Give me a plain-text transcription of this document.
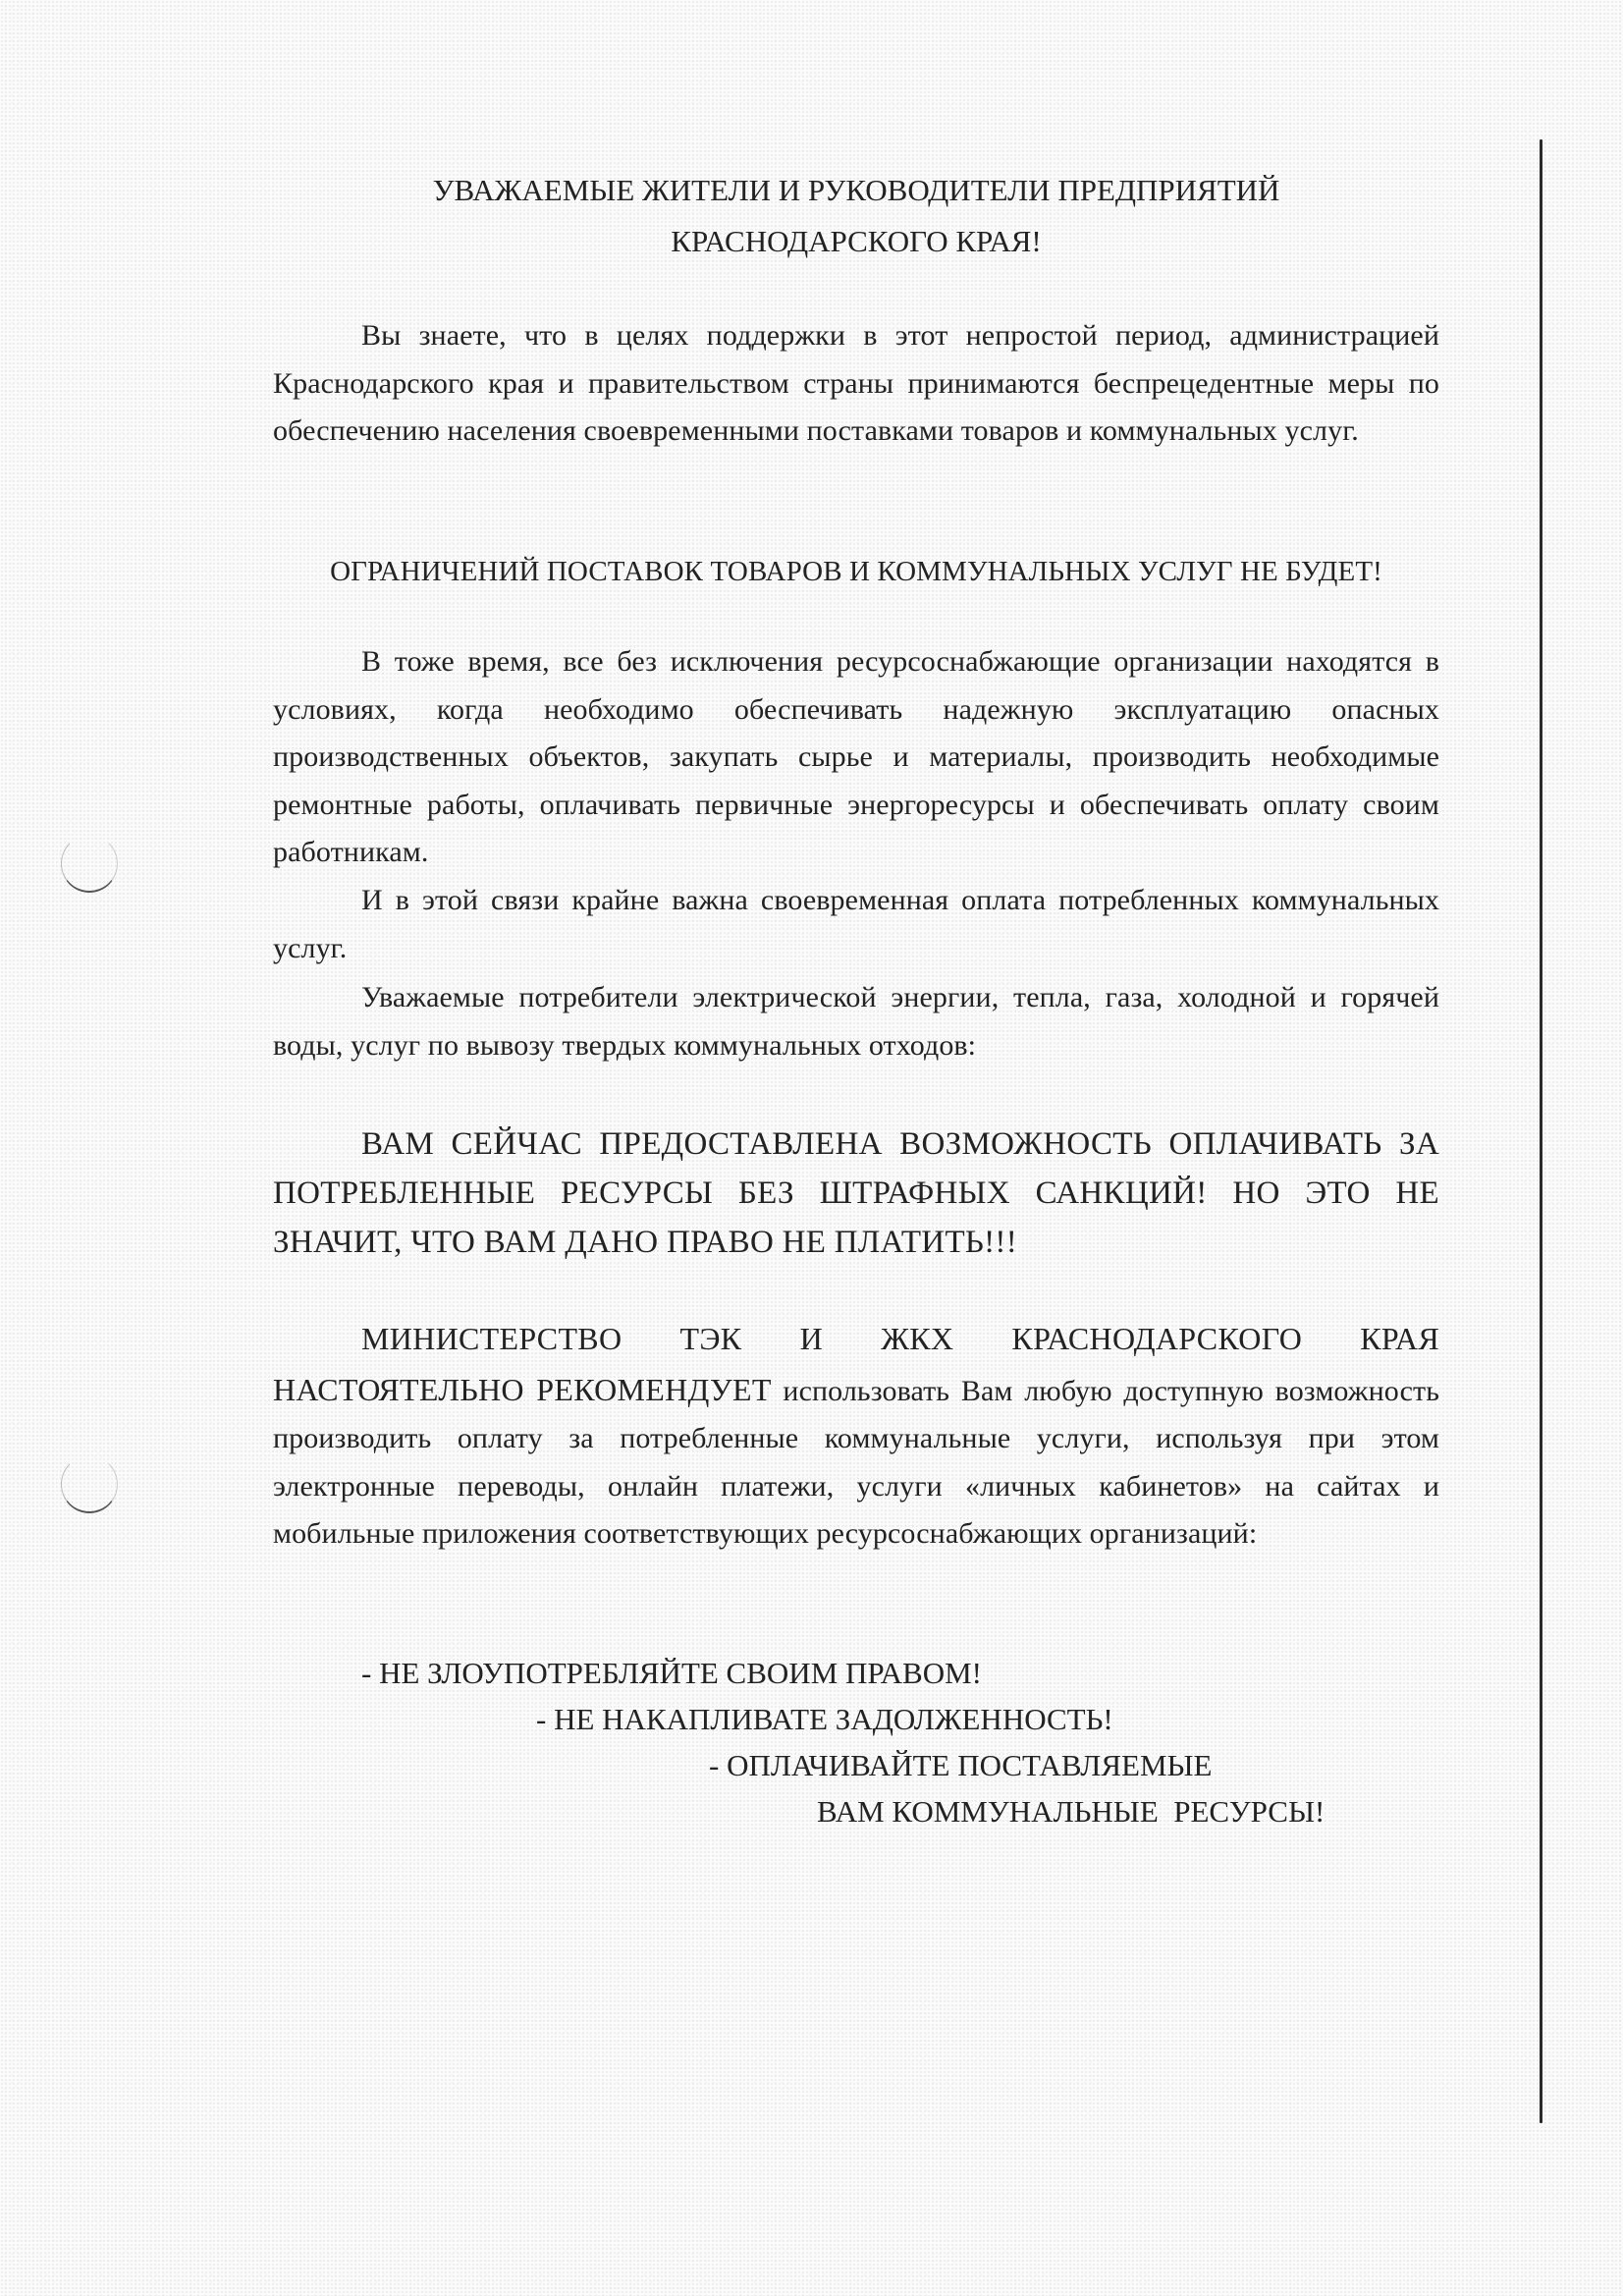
УВАЖАЕМЫЕ ЖИТЕЛИ И РУКОВОДИТЕЛИ ПРЕДПРИЯТИЙ
КРАСНОДАРСКОГО КРАЯ!

Вы знаете, что в целях поддержки в этот непростой период, администрацией Краснодарского края и правительством страны принимаются беспрецедентные меры по обеспечению населения своевременными поставками товаров и коммунальных услуг.

ОГРАНИЧЕНИЙ ПОСТАВОК ТОВАРОВ И КОММУНАЛЬНЫХ УСЛУГ НЕ БУДЕТ!

В тоже время, все без исключения ресурсоснабжающие организации находятся в условиях, когда необходимо обеспечивать надежную эксплуатацию опасных производственных объектов, закупать сырье и материалы, производить необходимые ремонтные работы, оплачивать первичные энергоресурсы и обеспечивать оплату своим работникам.

И в этой связи крайне важна своевременная оплата потребленных коммунальных услуг.

Уважаемые потребители электрической энергии, тепла, газа, холодной и горячей воды, услуг по вывозу твердых коммунальных отходов:

ВАМ СЕЙЧАС ПРЕДОСТАВЛЕНА ВОЗМОЖНОСТЬ ОПЛАЧИВАТЬ ЗА ПОТРЕБЛЕННЫЕ РЕСУРСЫ БЕЗ ШТРАФНЫХ САНКЦИЙ! НО ЭТО НЕ ЗНАЧИТ, ЧТО ВАМ ДАНО ПРАВО НЕ ПЛАТИТЬ!!!

МИНИСТЕРСТВО ТЭК И ЖКХ КРАСНОДАРСКОГО КРАЯ НАСТОЯТЕЛЬНО РЕКОМЕНДУЕТ использовать Вам любую доступную возможность производить оплату за потребленные коммунальные услуги, используя при этом электронные переводы, онлайн платежи, услуги «личных кабинетов» на сайтах и мобильные приложения соответствующих ресурсоснабжающих организаций:

- НЕ ЗЛОУПОТРЕБЛЯЙТЕ СВОИМ ПРАВОМ!
- НЕ НАКАПЛИВАТЕ ЗАДОЛЖЕННОСТЬ!
- ОПЛАЧИВАЙТЕ ПОСТАВЛЯЕМЫЕ
ВАМ КОММУНАЛЬНЫЕ  РЕСУРСЫ!
